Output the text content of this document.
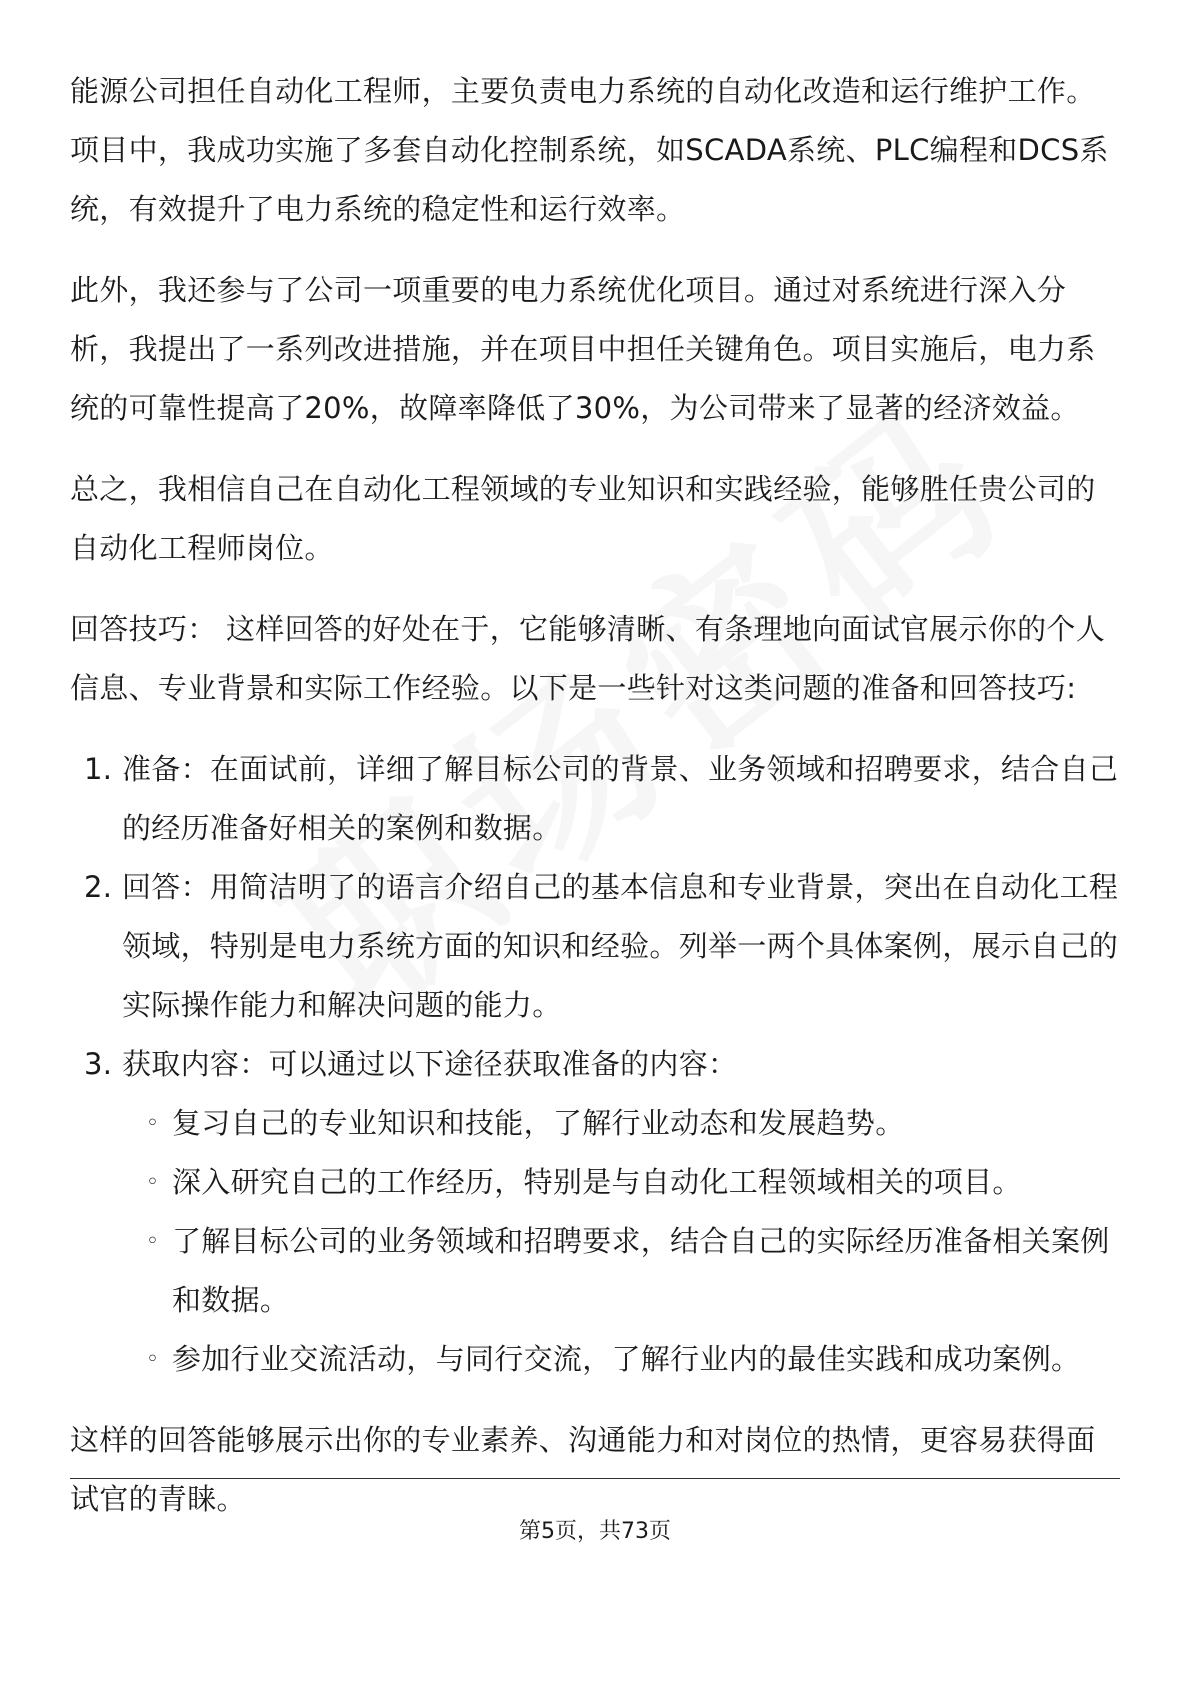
能源公司担任自动化工程师，主要负责电力系统的自动化改造和运行维护工作。项目中，我成功实施了多套自动化控制系统，如SCADA系统、PLC编程和DCS系统，有效提升了电力系统的稳定性和运行效率。

此外，我还参与了公司一项重要的电力系统优化项目。通过对系统进行深入分析，我提出了一系列改进措施，并在项目中担任关键角色。项目实施后，电力系统的可靠性提高了20%，故障率降低了30%，为公司带来了显著的经济效益。

总之，我相信自己在自动化工程领域的专业知识和实践经验，能够胜任贵公司的自动化工程师岗位。

回答技巧： 这样回答的好处在于，它能够清晰、有条理地向面试官展示你的个人信息、专业背景和实际工作经验。以下是一些针对这类问题的准备和回答技巧:

1. 准备：在面试前，详细了解目标公司的背景、业务领域和招聘要求，结合自己的经历准备好相关的案例和数据。
2. 回答：用简洁明了的语言介绍自己的基本信息和专业背景，突出在自动化工程领域，特别是电力系统方面的知识和经验。列举一两个具体案例，展示自己的实际操作能力和解决问题的能力。
3. 获取内容：可以通过以下途径获取准备的内容：
◦ 复习自己的专业知识和技能，了解行业动态和发展趋势。
◦ 深入研究自己的工作经历，特别是与自动化工程领域相关的项目。
◦ 了解目标公司的业务领域和招聘要求，结合自己的实际经历准备相关案例和数据。
◦ 参加行业交流活动，与同行交流，了解行业内的最佳实践和成功案例。

这样的回答能够展示出你的专业素养、沟通能力和对岗位的热情，更容易获得面试官的青睐。

第5页，共73页
